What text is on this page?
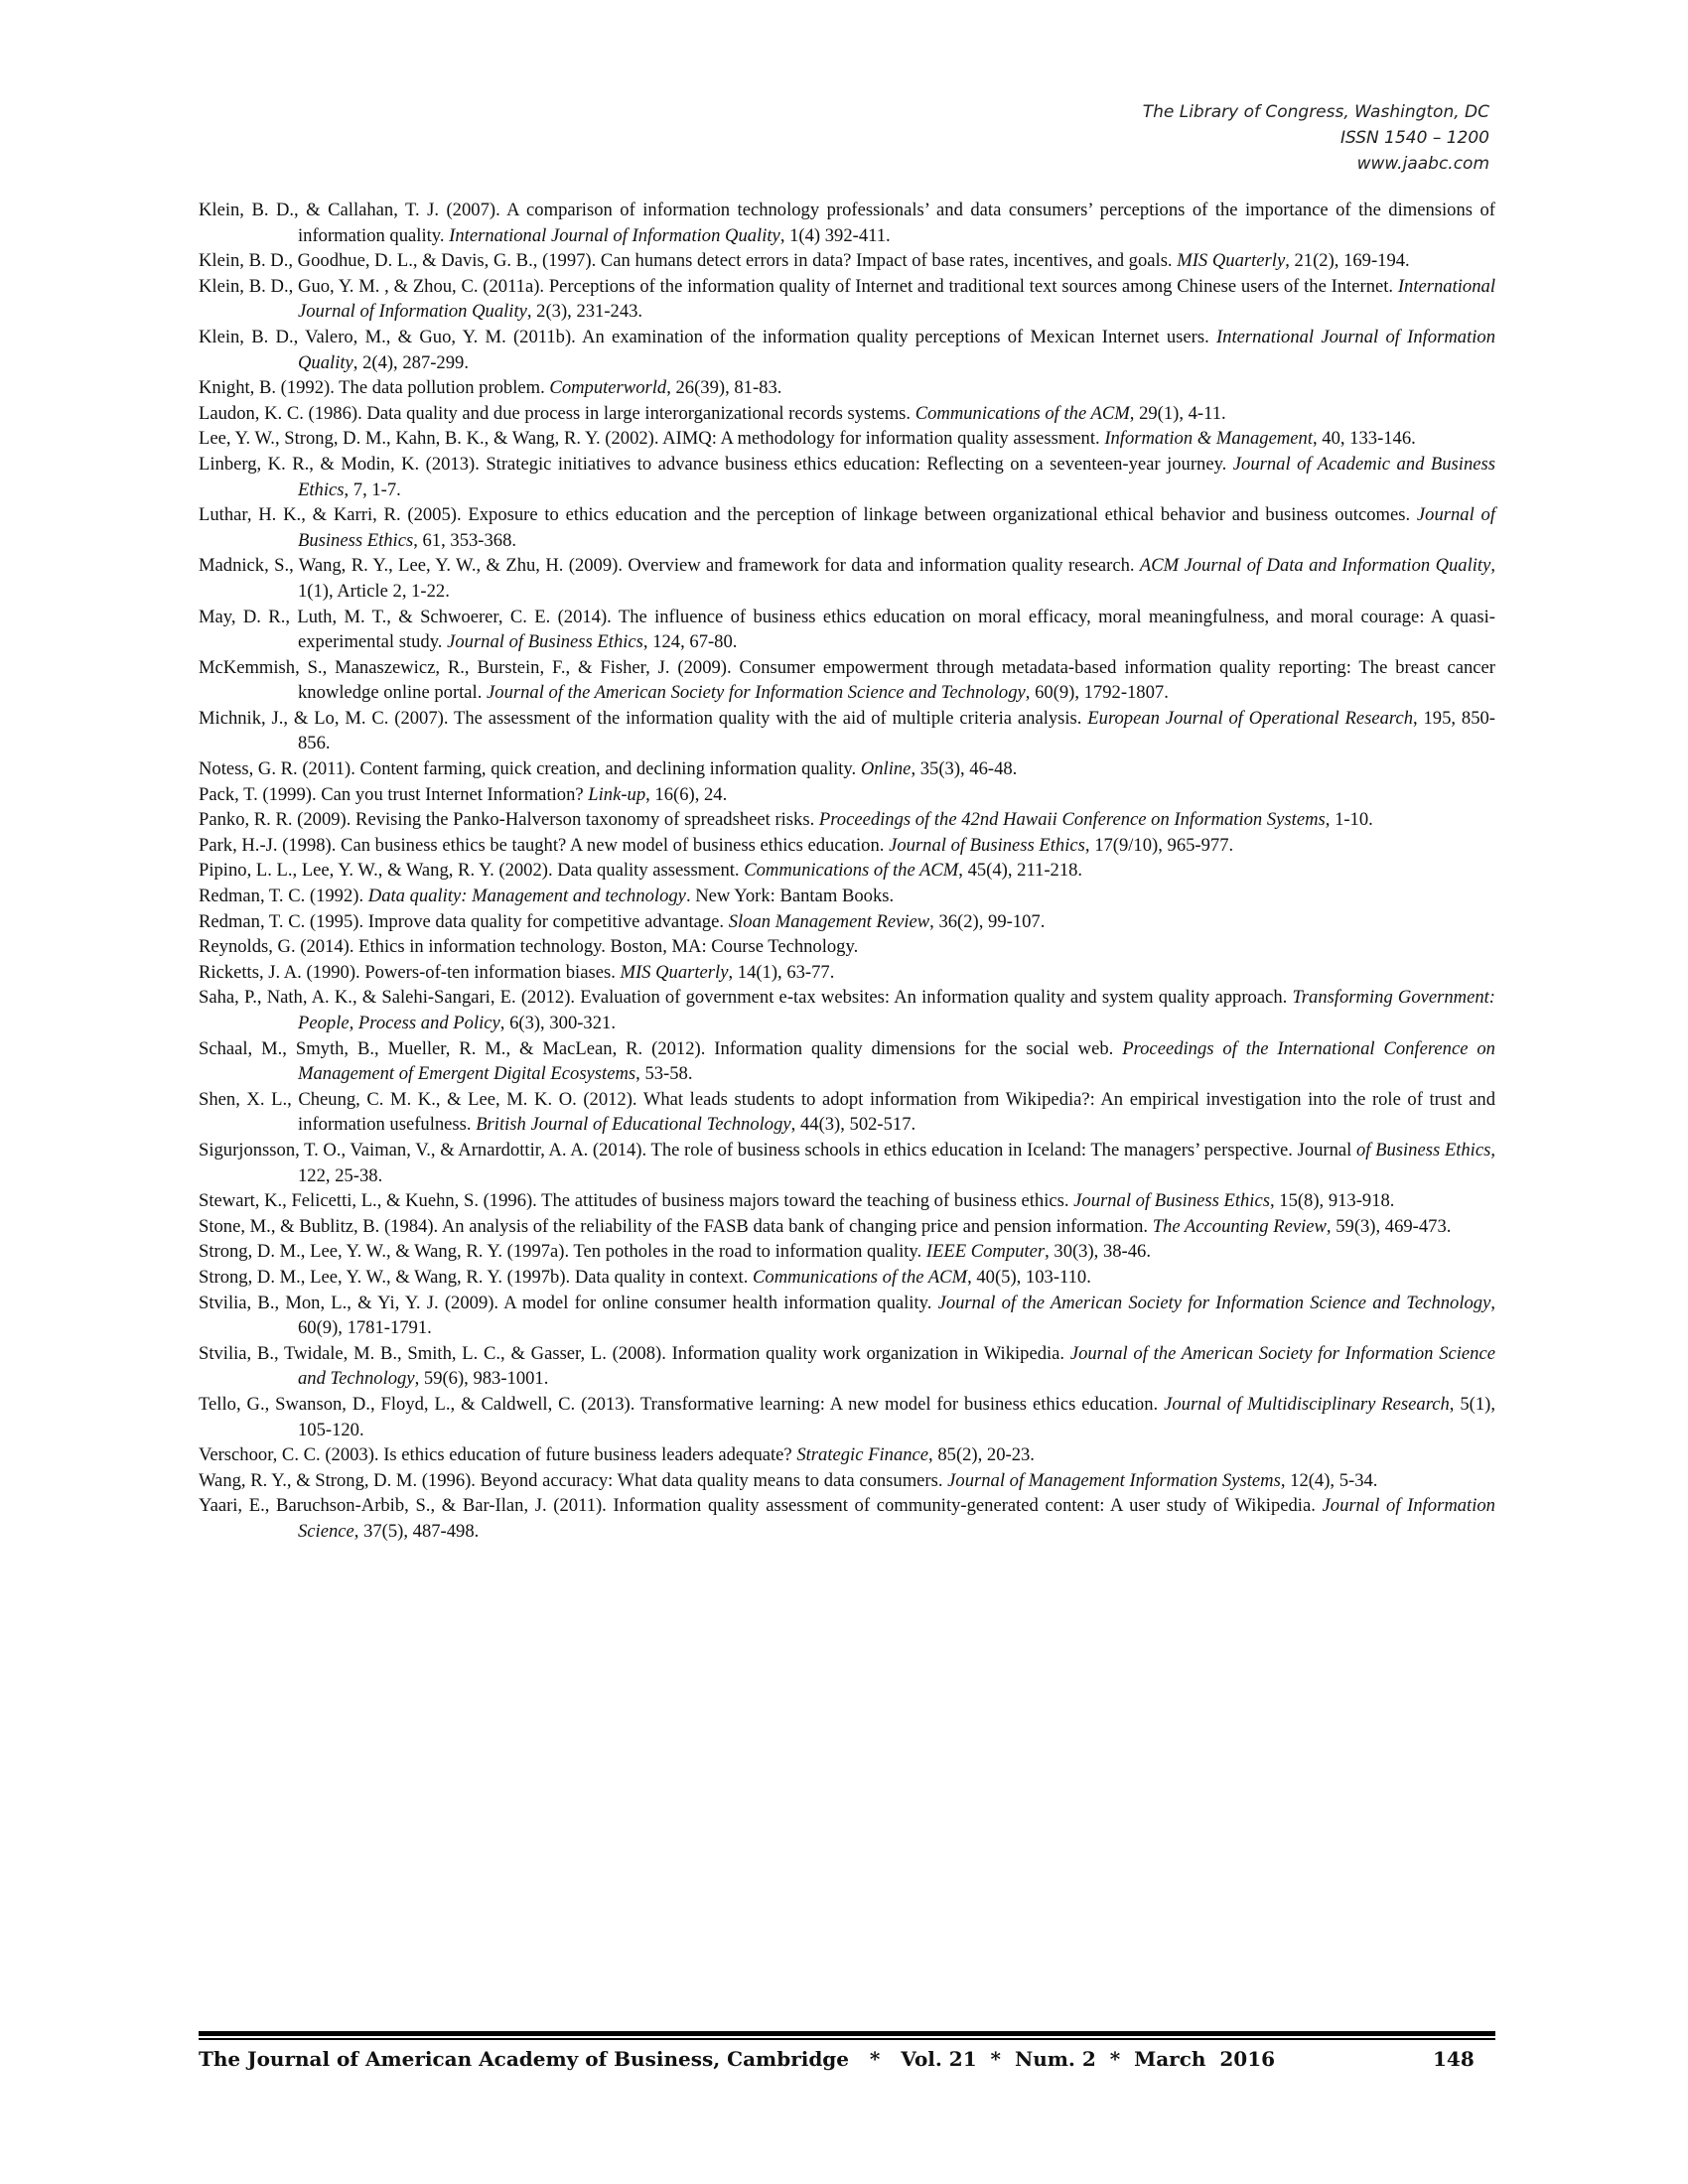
The Library of Congress, Washington, DC
ISSN 1540 – 1200
www.jaabc.com

Klein, B. D., & Callahan, T. J. (2007). A comparison of information technology professionals’ and data consumers’ perceptions of the importance of the dimensions of information quality. International Journal of Information Quality, 1(4) 392-411.

Klein, B. D., Goodhue, D. L., & Davis, G. B., (1997). Can humans detect errors in data? Impact of base rates, incentives, and goals. MIS Quarterly, 21(2), 169-194.

Klein, B. D., Guo, Y. M. , & Zhou, C. (2011a). Perceptions of the information quality of Internet and traditional text sources among Chinese users of the Internet. International Journal of Information Quality, 2(3), 231-243.

Klein, B. D., Valero, M., & Guo, Y. M. (2011b). An examination of the information quality perceptions of Mexican Internet users. International Journal of Information Quality, 2(4), 287-299.

Knight, B. (1992). The data pollution problem. Computerworld, 26(39), 81-83.

Laudon, K. C. (1986). Data quality and due process in large interorganizational records systems. Communications of the ACM, 29(1), 4-11.

Lee, Y. W., Strong, D. M., Kahn, B. K., & Wang, R. Y. (2002). AIMQ: A methodology for information quality assessment. Information & Management, 40, 133-146.

Linberg, K. R., & Modin, K. (2013). Strategic initiatives to advance business ethics education: Reflecting on a seventeen-year journey. Journal of Academic and Business Ethics, 7, 1-7.

Luthar, H. K., & Karri, R. (2005). Exposure to ethics education and the perception of linkage between organizational ethical behavior and business outcomes. Journal of Business Ethics, 61, 353-368.

Madnick, S., Wang, R. Y., Lee, Y. W., & Zhu, H. (2009). Overview and framework for data and information quality research. ACM Journal of Data and Information Quality, 1(1), Article 2, 1-22.

May, D. R., Luth, M. T., & Schwoerer, C. E. (2014). The influence of business ethics education on moral efficacy, moral meaningfulness, and moral courage: A quasi-experimental study. Journal of Business Ethics, 124, 67-80.

McKemmish, S., Manaszewicz, R., Burstein, F., & Fisher, J. (2009). Consumer empowerment through metadata-based information quality reporting: The breast cancer knowledge online portal. Journal of the American Society for Information Science and Technology, 60(9), 1792-1807.

Michnik, J., & Lo, M. C. (2007). The assessment of the information quality with the aid of multiple criteria analysis. European Journal of Operational Research, 195, 850-856.

Notess, G. R. (2011). Content farming, quick creation, and declining information quality. Online, 35(3), 46-48.

Pack, T. (1999). Can you trust Internet Information? Link-up, 16(6), 24.

Panko, R. R. (2009). Revising the Panko-Halverson taxonomy of spreadsheet risks. Proceedings of the 42nd Hawaii Conference on Information Systems, 1-10.

Park, H.-J. (1998). Can business ethics be taught? A new model of business ethics education. Journal of Business Ethics, 17(9/10), 965-977.

Pipino, L. L., Lee, Y. W., & Wang, R. Y. (2002). Data quality assessment. Communications of the ACM, 45(4), 211-218.

Redman, T. C. (1992). Data quality: Management and technology. New York: Bantam Books.

Redman, T. C. (1995). Improve data quality for competitive advantage. Sloan Management Review, 36(2), 99-107.

Reynolds, G. (2014). Ethics in information technology. Boston, MA: Course Technology.

Ricketts, J. A. (1990). Powers-of-ten information biases. MIS Quarterly, 14(1), 63-77.

Saha, P., Nath, A. K., & Salehi-Sangari, E. (2012). Evaluation of government e-tax websites: An information quality and system quality approach. Transforming Government: People, Process and Policy, 6(3), 300-321.

Schaal, M., Smyth, B., Mueller, R. M., & MacLean, R. (2012). Information quality dimensions for the social web. Proceedings of the International Conference on Management of Emergent Digital Ecosystems, 53-58.

Shen, X. L., Cheung, C. M. K., & Lee, M. K. O. (2012). What leads students to adopt information from Wikipedia?: An empirical investigation into the role of trust and information usefulness. British Journal of Educational Technology, 44(3), 502-517.

Sigurjonsson, T. O., Vaiman, V., & Arnardottir, A. A. (2014). The role of business schools in ethics education in Iceland: The managers’ perspective. Journal of Business Ethics, 122, 25-38.

Stewart, K., Felicetti, L., & Kuehn, S. (1996). The attitudes of business majors toward the teaching of business ethics. Journal of Business Ethics, 15(8), 913-918.

Stone, M., & Bublitz, B. (1984). An analysis of the reliability of the FASB data bank of changing price and pension information. The Accounting Review, 59(3), 469-473.

Strong, D. M., Lee, Y. W., & Wang, R. Y. (1997a). Ten potholes in the road to information quality. IEEE Computer, 30(3), 38-46.

Strong, D. M., Lee, Y. W., & Wang, R. Y. (1997b). Data quality in context. Communications of the ACM, 40(5), 103-110.

Stvilia, B., Mon, L., & Yi, Y. J. (2009). A model for online consumer health information quality. Journal of the American Society for Information Science and Technology, 60(9), 1781-1791.

Stvilia, B., Twidale, M. B., Smith, L. C., & Gasser, L. (2008). Information quality work organization in Wikipedia. Journal of the American Society for Information Science and Technology, 59(6), 983-1001.

Tello, G., Swanson, D., Floyd, L., & Caldwell, C. (2013). Transformative learning: A new model for business ethics education. Journal of Multidisciplinary Research, 5(1), 105-120.

Verschoor, C. C. (2003). Is ethics education of future business leaders adequate? Strategic Finance, 85(2), 20-23.

Wang, R. Y., & Strong, D. M. (1996). Beyond accuracy: What data quality means to data consumers. Journal of Management Information Systems, 12(4), 5-34.

Yaari, E., Baruchson-Arbib, S., & Bar-Ilan, J. (2011). Information quality assessment of community-generated content: A user study of Wikipedia. Journal of Information Science, 37(5), 487-498.

The Journal of American Academy of Business, Cambridge   *   Vol. 21  *  Num. 2  *  March  2016	148
